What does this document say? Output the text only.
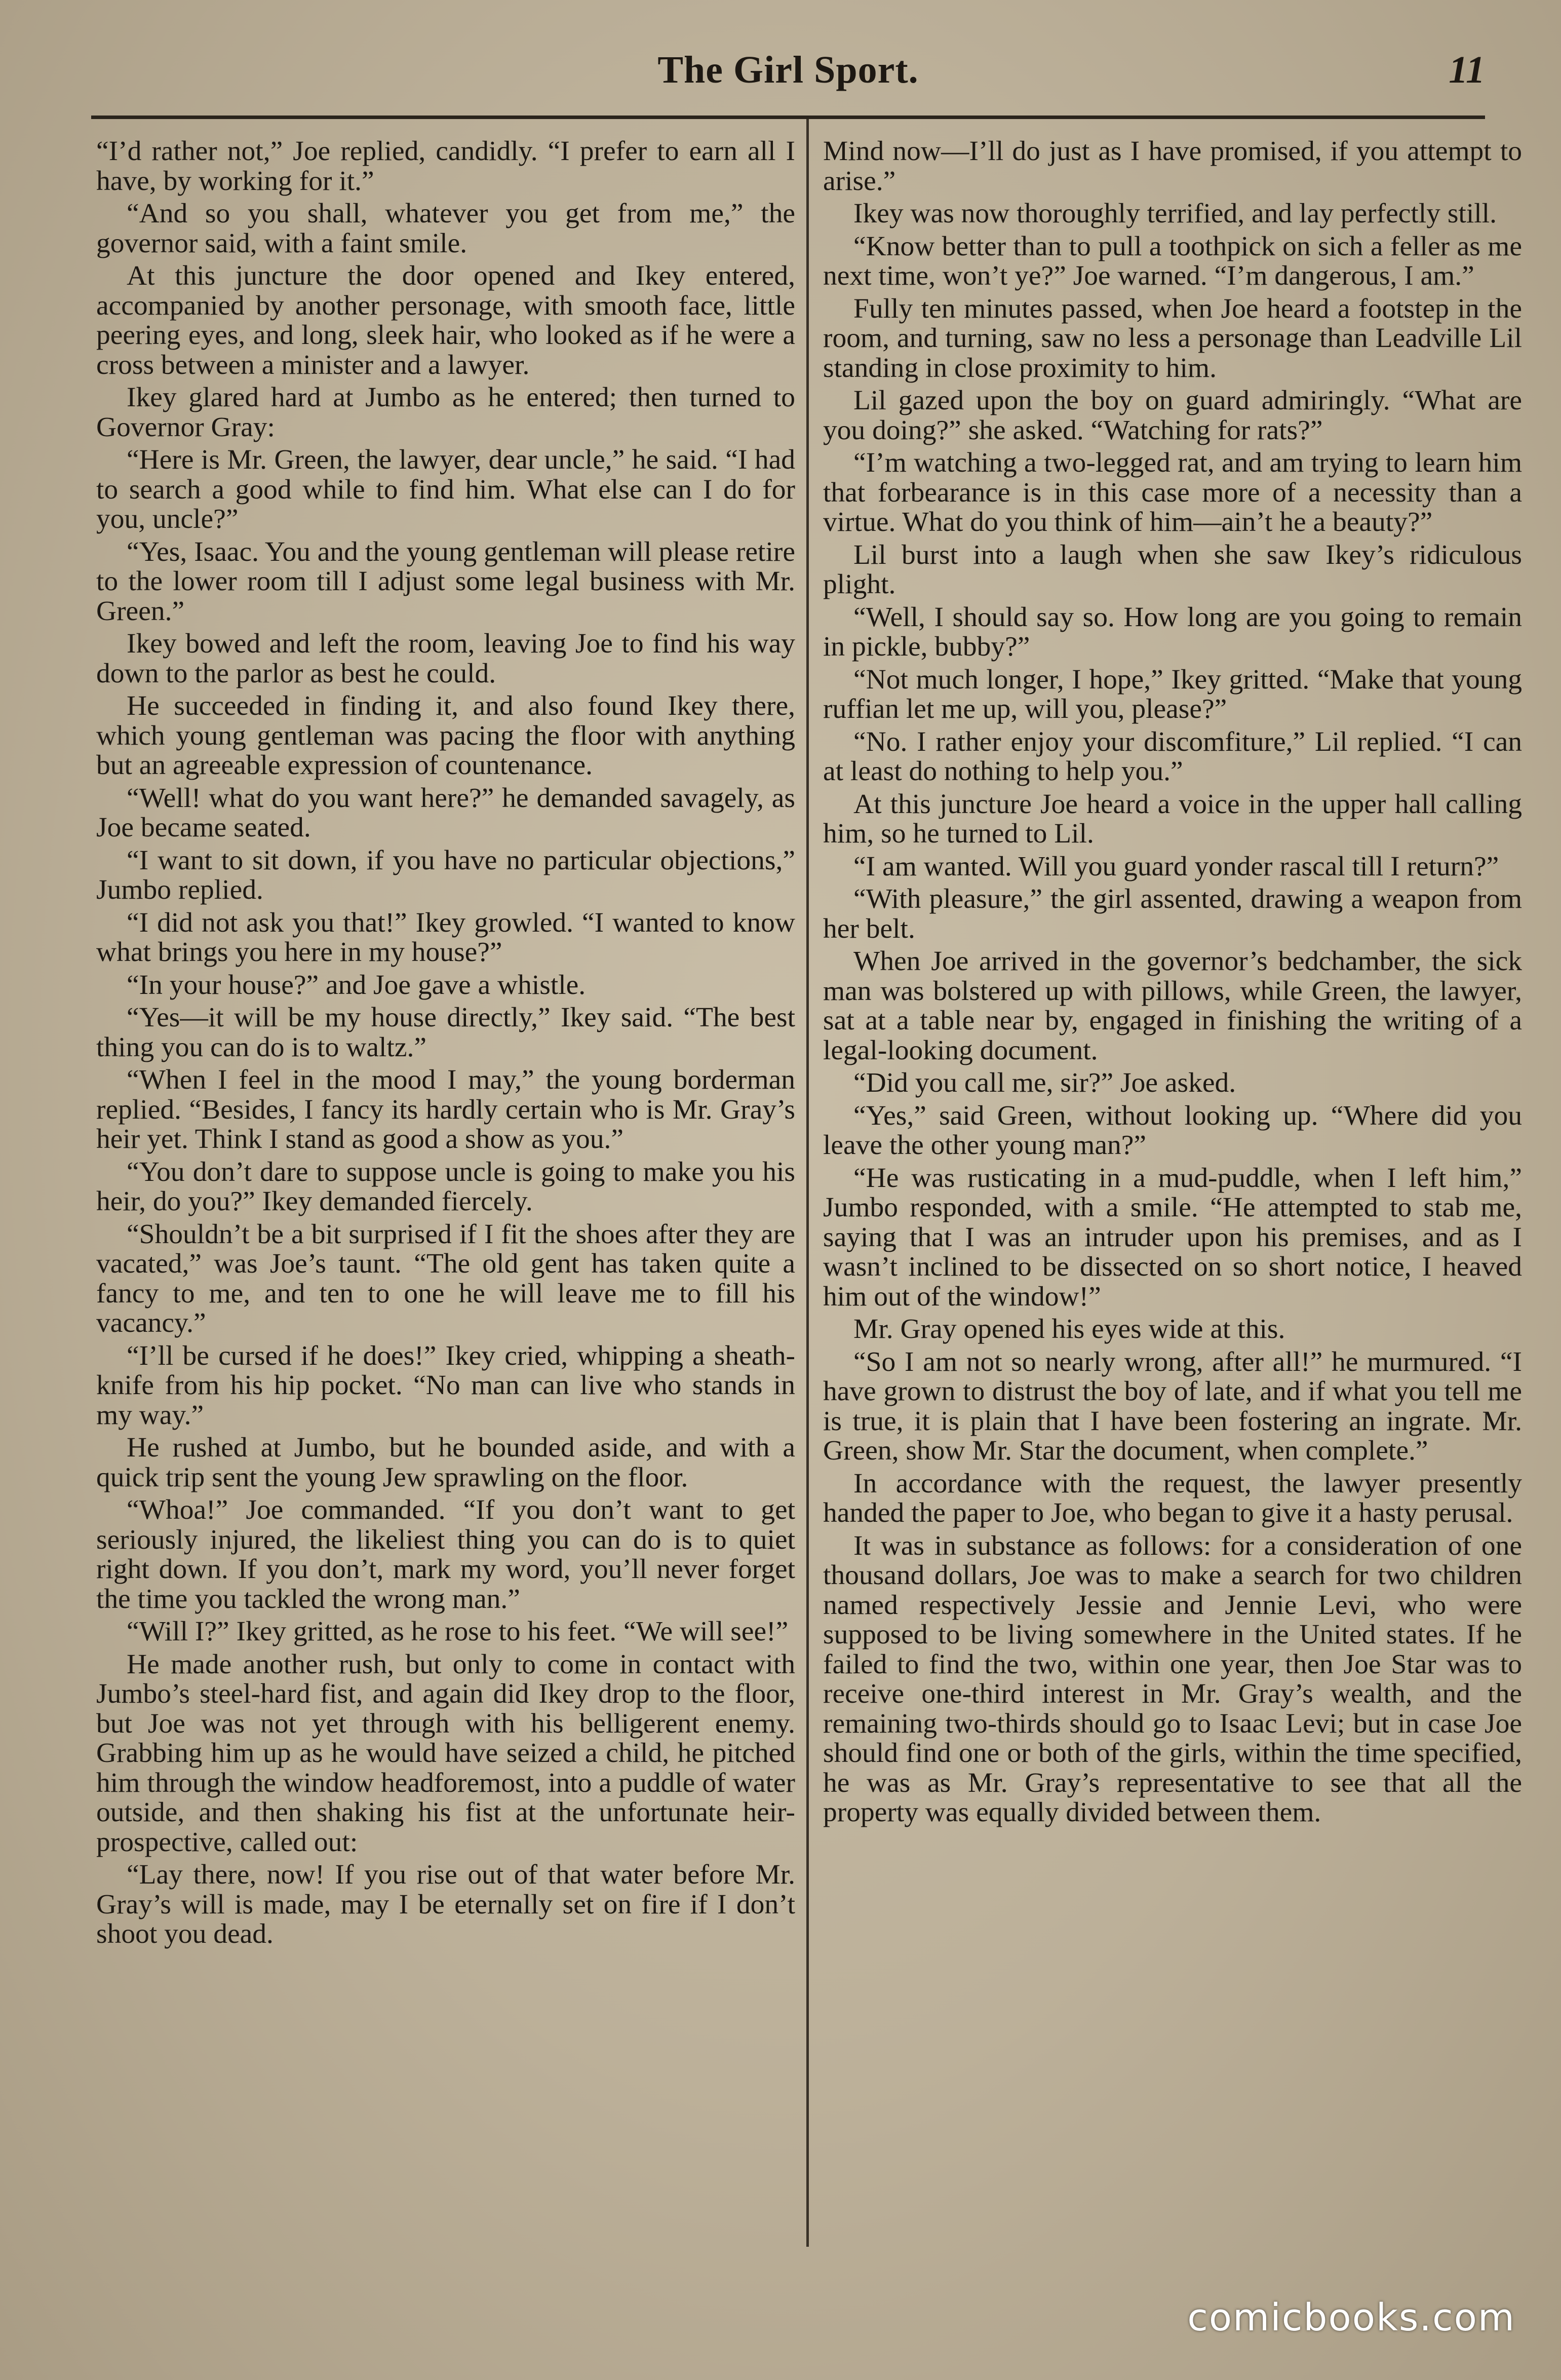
The Girl Sport.	11

“I’d rather not,” Joe replied, candidly. “I prefer to earn all I have, by working for it.”

“And so you shall, whatever you get from me,” the governor said, with a faint smile.

At this juncture the door opened and Ikey entered, accompanied by another personage, with smooth face, little peering eyes, and long, sleek hair, who looked as if he were a cross between a minister and a lawyer.

Ikey glared hard at Jumbo as he entered; then turned to Governor Gray:

“Here is Mr. Green, the lawyer, dear uncle,” he said. “I had to search a good while to find him. What else can I do for you, uncle?”

“Yes, Isaac. You and the young gentleman will please retire to the lower room till I adjust some legal business with Mr. Green.”

Ikey bowed and left the room, leaving Joe to find his way down to the parlor as best he could.

He succeeded in finding it, and also found Ikey there, which young gentleman was pacing the floor with anything but an agreeable expression of countenance.

“Well! what do you want here?” he demanded savagely, as Joe became seated.

“I want to sit down, if you have no particular objections,” Jumbo replied.

“I did not ask you that!” Ikey growled. “I wanted to know what brings you here in my house?”

“In your house?” and Joe gave a whistle.

“Yes—it will be my house directly,” Ikey said. “The best thing you can do is to waltz.”

“When I feel in the mood I may,” the young borderman replied. “Besides, I fancy its hardly certain who is Mr. Gray’s heir yet. Think I stand as good a show as you.”

“You don’t dare to suppose uncle is going to make you his heir, do you?” Ikey demanded fiercely.

“Shouldn’t be a bit surprised if I fit the shoes after they are vacated,” was Joe’s taunt. “The old gent has taken quite a fancy to me, and ten to one he will leave me to fill his vacancy.”

“I’ll be cursed if he does!” Ikey cried, whipping a sheath-knife from his hip pocket. “No man can live who stands in my way.”

He rushed at Jumbo, but he bounded aside, and with a quick trip sent the young Jew sprawling on the floor.

“Whoa!” Joe commanded. “If you don’t want to get seriously injured, the likeliest thing you can do is to quiet right down. If you don’t, mark my word, you’ll never forget the time you tackled the wrong man.”

“Will I?” Ikey gritted, as he rose to his feet. “We will see!”

He made another rush, but only to come in contact with Jumbo’s steel-hard fist, and again did Ikey drop to the floor, but Joe was not yet through with his belligerent enemy. Grabbing him up as he would have seized a child, he pitched him through the window headforemost, into a puddle of water outside, and then shaking his fist at the unfortunate heir-prospective, called out:

“Lay there, now! If you rise out of that water before Mr. Gray’s will is made, may I be eternally set on fire if I don’t shoot you dead.

Mind now—I’ll do just as I have promised, if you attempt to arise.”

Ikey was now thoroughly terrified, and lay perfectly still.

“Know better than to pull a toothpick on sich a feller as me next time, won’t ye?” Joe warned. “I’m dangerous, I am.”

Fully ten minutes passed, when Joe heard a footstep in the room, and turning, saw no less a personage than Leadville Lil standing in close proximity to him.

Lil gazed upon the boy on guard admiringly. “What are you doing?” she asked. “Watching for rats?”

“I’m watching a two-legged rat, and am trying to learn him that forbearance is in this case more of a necessity than a virtue. What do you think of him—ain’t he a beauty?”

Lil burst into a laugh when she saw Ikey’s ridiculous plight.

“Well, I should say so. How long are you going to remain in pickle, bubby?”

“Not much longer, I hope,” Ikey gritted. “Make that young ruffian let me up, will you, please?”

“No. I rather enjoy your discomfiture,” Lil replied. “I can at least do nothing to help you.”

At this juncture Joe heard a voice in the upper hall calling him, so he turned to Lil.

“I am wanted. Will you guard yonder rascal till I return?”

“With pleasure,” the girl assented, drawing a weapon from her belt.

When Joe arrived in the governor’s bedchamber, the sick man was bolstered up with pillows, while Green, the lawyer, sat at a table near by, engaged in finishing the writing of a legal-looking document.

“Did you call me, sir?” Joe asked.

“Yes,” said Green, without looking up. “Where did you leave the other young man?”

“He was rusticating in a mud-puddle, when I left him,” Jumbo responded, with a smile. “He attempted to stab me, saying that I was an intruder upon his premises, and as I wasn’t inclined to be dissected on so short notice, I heaved him out of the window!”

Mr. Gray opened his eyes wide at this.

“So I am not so nearly wrong, after all!” he murmured. “I have grown to distrust the boy of late, and if what you tell me is true, it is plain that I have been fostering an ingrate. Mr. Green, show Mr. Star the document, when complete.”

In accordance with the request, the lawyer presently handed the paper to Joe, who began to give it a hasty perusal.

It was in substance as follows: for a consideration of one thousand dollars, Joe was to make a search for two children named respectively Jessie and Jennie Levi, who were supposed to be living somewhere in the United states. If he failed to find the two, within one year, then Joe Star was to receive one-third interest in Mr. Gray’s wealth, and the remaining two-thirds should go to Isaac Levi; but in case Joe should find one or both of the girls, within the time specified, he was as Mr. Gray’s representative to see that all the property was equally divided between them.

comicbooks.com
